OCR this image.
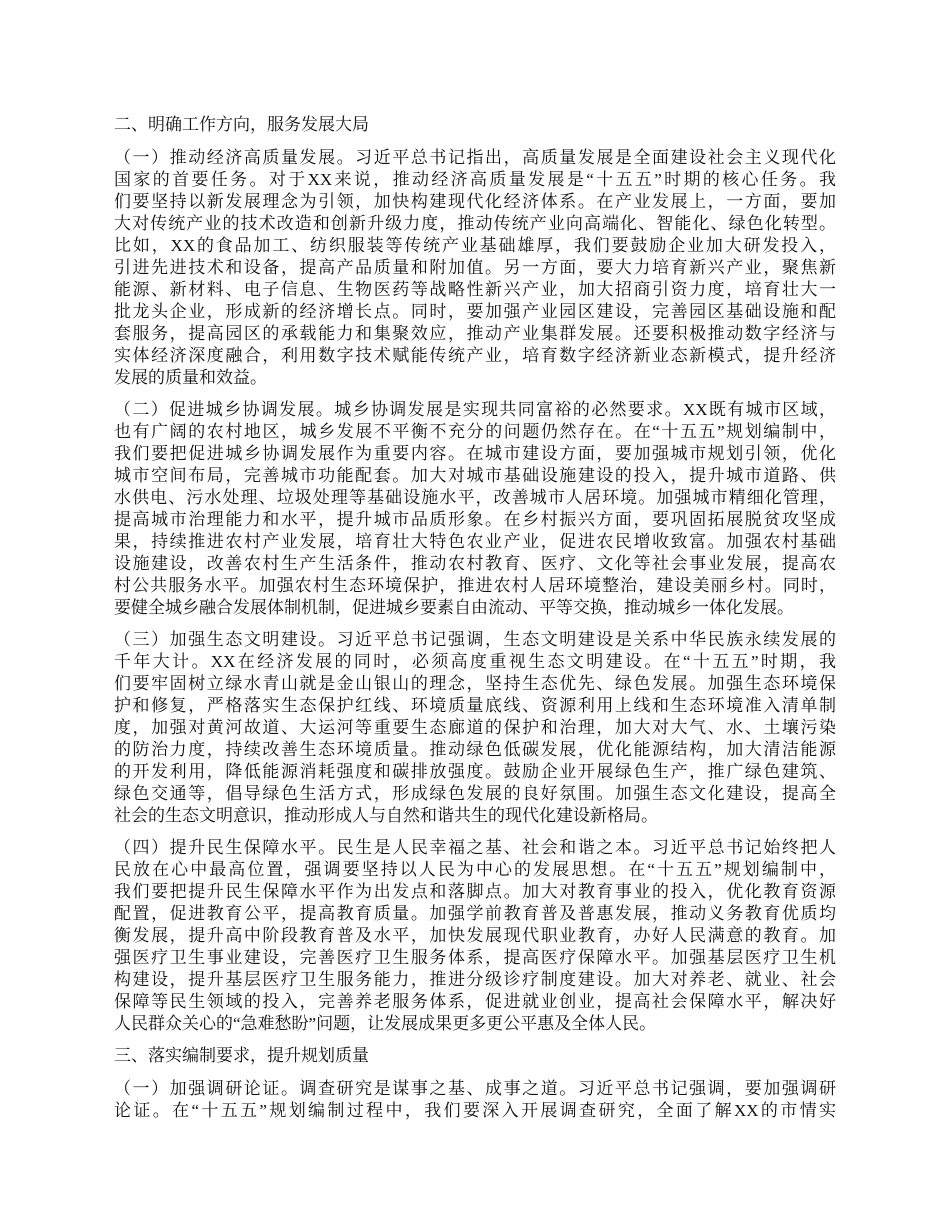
二、明确工作方向，服务发展大局
（一）推动经济高质量发展。习近平总书记指出，高质量发展是全面建设社会主义现代化
国家的首要任务。对于XX来说，推动经济高质量发展是“十五五”时期的核心任务。我
们要坚持以新发展理念为引领，加快构建现代化经济体系。在产业发展上，一方面，要加
大对传统产业的技术改造和创新升级力度，推动传统产业向高端化、智能化、绿色化转型。
比如，XX的食品加工、纺织服装等传统产业基础雄厚，我们要鼓励企业加大研发投入，
引进先进技术和设备，提高产品质量和附加值。另一方面，要大力培育新兴产业，聚焦新
能源、新材料、电子信息、生物医药等战略性新兴产业，加大招商引资力度，培育壮大一
批龙头企业，形成新的经济增长点。同时，要加强产业园区建设，完善园区基础设施和配
套服务，提高园区的承载能力和集聚效应，推动产业集群发展。还要积极推动数字经济与
实体经济深度融合，利用数字技术赋能传统产业，培育数字经济新业态新模式，提升经济
发展的质量和效益。
（二）促进城乡协调发展。城乡协调发展是实现共同富裕的必然要求。XX既有城市区域，
也有广阔的农村地区，城乡发展不平衡不充分的问题仍然存在。在“十五五”规划编制中，
我们要把促进城乡协调发展作为重要内容。在城市建设方面，要加强城市规划引领，优化
城市空间布局，完善城市功能配套。加大对城市基础设施建设的投入，提升城市道路、供
水供电、污水处理、垃圾处理等基础设施水平，改善城市人居环境。加强城市精细化管理，
提高城市治理能力和水平，提升城市品质形象。在乡村振兴方面，要巩固拓展脱贫攻坚成
果，持续推进农村产业发展，培育壮大特色农业产业，促进农民增收致富。加强农村基础
设施建设，改善农村生产生活条件，推动农村教育、医疗、文化等社会事业发展，提高农
村公共服务水平。加强农村生态环境保护，推进农村人居环境整治，建设美丽乡村。同时，
要健全城乡融合发展体制机制，促进城乡要素自由流动、平等交换，推动城乡一体化发展。
（三）加强生态文明建设。习近平总书记强调，生态文明建设是关系中华民族永续发展的
千年大计。XX在经济发展的同时，必须高度重视生态文明建设。在“十五五”时期，我
们要牢固树立绿水青山就是金山银山的理念，坚持生态优先、绿色发展。加强生态环境保
护和修复，严格落实生态保护红线、环境质量底线、资源利用上线和生态环境准入清单制
度，加强对黄河故道、大运河等重要生态廊道的保护和治理，加大对大气、水、土壤污染
的防治力度，持续改善生态环境质量。推动绿色低碳发展，优化能源结构，加大清洁能源
的开发利用，降低能源消耗强度和碳排放强度。鼓励企业开展绿色生产，推广绿色建筑、
绿色交通等，倡导绿色生活方式，形成绿色发展的良好氛围。加强生态文化建设，提高全
社会的生态文明意识，推动形成人与自然和谐共生的现代化建设新格局。
（四）提升民生保障水平。民生是人民幸福之基、社会和谐之本。习近平总书记始终把人
民放在心中最高位置，强调要坚持以人民为中心的发展思想。在“十五五”规划编制中，
我们要把提升民生保障水平作为出发点和落脚点。加大对教育事业的投入，优化教育资源
配置，促进教育公平，提高教育质量。加强学前教育普及普惠发展，推动义务教育优质均
衡发展，提升高中阶段教育普及水平，加快发展现代职业教育，办好人民满意的教育。加
强医疗卫生事业建设，完善医疗卫生服务体系，提高医疗保障水平。加强基层医疗卫生机
构建设，提升基层医疗卫生服务能力，推进分级诊疗制度建设。加大对养老、就业、社会
保障等民生领域的投入，完善养老服务体系，促进就业创业，提高社会保障水平，解决好
人民群众关心的“急难愁盼”问题，让发展成果更多更公平惠及全体人民。
三、落实编制要求，提升规划质量
（一）加强调研论证。调查研究是谋事之基、成事之道。习近平总书记强调，要加强调研
论证。在“十五五”规划编制过程中，我们要深入开展调查研究，全面了解XX的市情实
